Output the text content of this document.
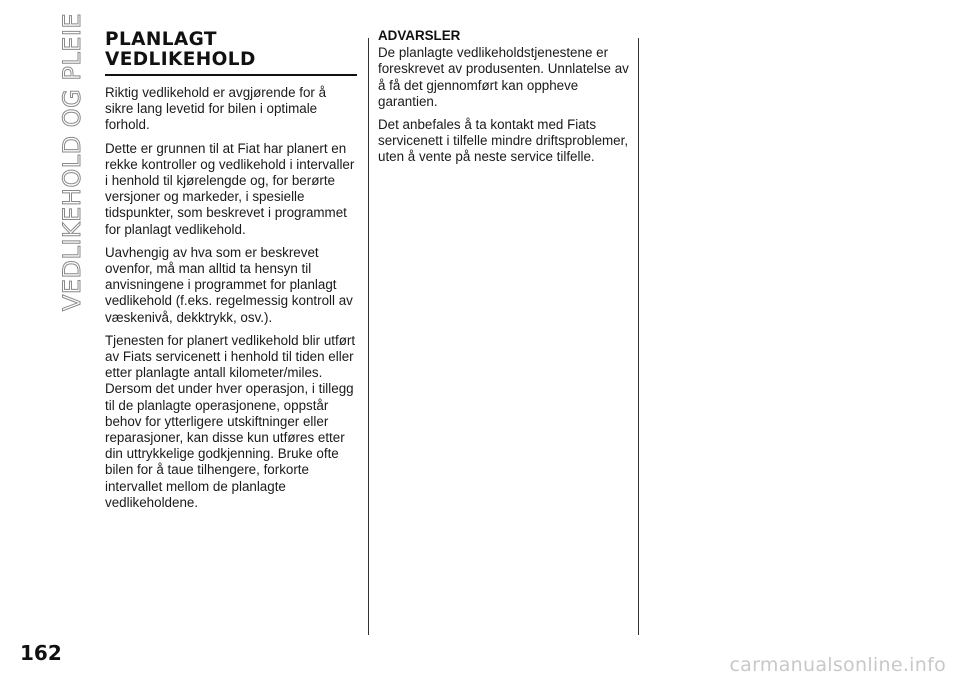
VEDLIKEHOLD OG PLEIE PLANLAGT
VEDLIKEHOLD

Riktig vedlikehold er avgjørende for å sikre lang levetid for bilen i optimale forhold.

Dette er grunnen til at Fiat har planert en rekke kontroller og vedlikehold i intervaller i henhold til kjørelengde og, for berørte versjoner og markeder, i spesielle tidspunkter, som beskrevet i programmet for planlagt vedlikehold.

Uavhengig av hva som er beskrevet ovenfor, må man alltid ta hensyn til anvisningene i programmet for planlagt vedlikehold (f.eks. regelmessig kontroll av væskenivå, dekktrykk, osv.).

Tjenesten for planert vedlikehold blir utført av Fiats servicenett i henhold til tiden eller etter planlagte antall kilometer/miles. Dersom det under hver operasjon, i tillegg til de planlagte operasjonene, oppstår behov for ytterligere utskiftninger eller reparasjoner, kan disse kun utføres etter din uttrykkelige godkjenning. Bruke ofte bilen for å taue tilhengere, forkorte intervallet mellom de planlagte vedlikeholdene.

ADVARSLER

De planlagte vedlikeholdstjenestene er foreskrevet av produsenten. Unnlatelse av å få det gjennomført kan oppheve garantien.

Det anbefales å ta kontakt med Fiats servicenett i tilfelle mindre driftsproblemer, uten å vente på neste service tilfelle.

162	carmanualsonline.info
